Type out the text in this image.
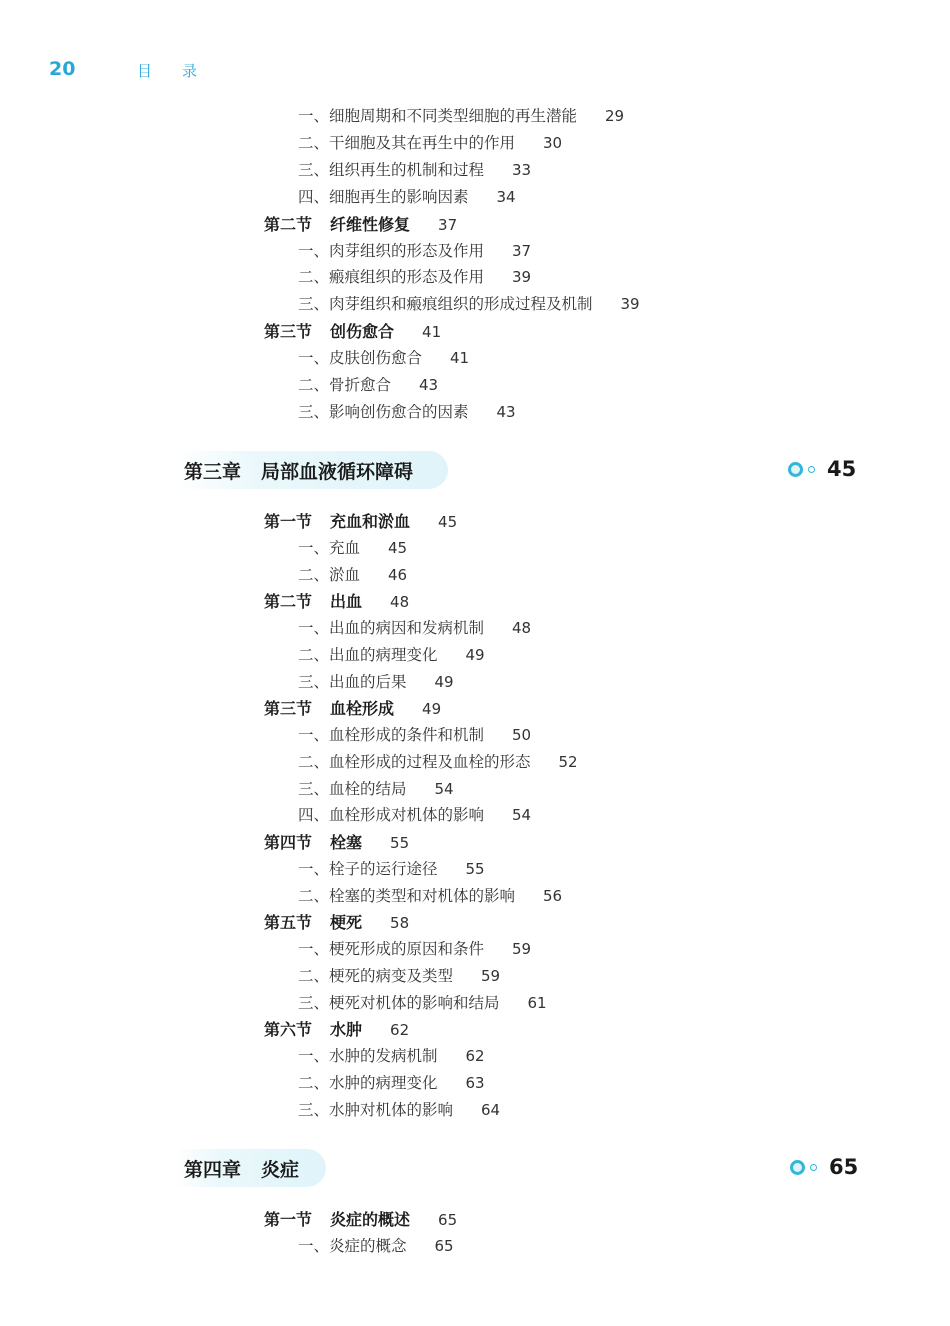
20	目 录
一、细胞周期和不同类型细胞的再生潜能 29
二、干细胞及其在再生中的作用 30
三、组织再生的机制和过程 33
四、细胞再生的影响因素 34
第二节 纤维性修复 37
一、肉芽组织的形态及作用 37
二、瘢痕组织的形态及作用 39
三、肉芽组织和瘢痕组织的形成过程及机制 39
第三节 创伤愈合 41
一、皮肤创伤愈合 41
二、骨折愈合 43
三、影响创伤愈合的因素 43
第三章 局部血液循环障碍	45
第一节 充血和淤血 45
一、充血 45
二、淤血 46
第二节 出血 48
一、出血的病因和发病机制 48
二、出血的病理变化 49
三、出血的后果 49
第三节 血栓形成 49
一、血栓形成的条件和机制 50
二、血栓形成的过程及血栓的形态 52
三、血栓的结局 54
四、血栓形成对机体的影响 54
第四节 栓塞 55
一、栓子的运行途径 55
二、栓塞的类型和对机体的影响 56
第五节 梗死 58
一、梗死形成的原因和条件 59
二、梗死的病变及类型 59
三、梗死对机体的影响和结局 61
第六节 水肿 62
一、水肿的发病机制 62
二、水肿的病理变化 63
三、水肿对机体的影响 64
第四章 炎症	65
第一节 炎症的概述 65
一、炎症的概念 65
